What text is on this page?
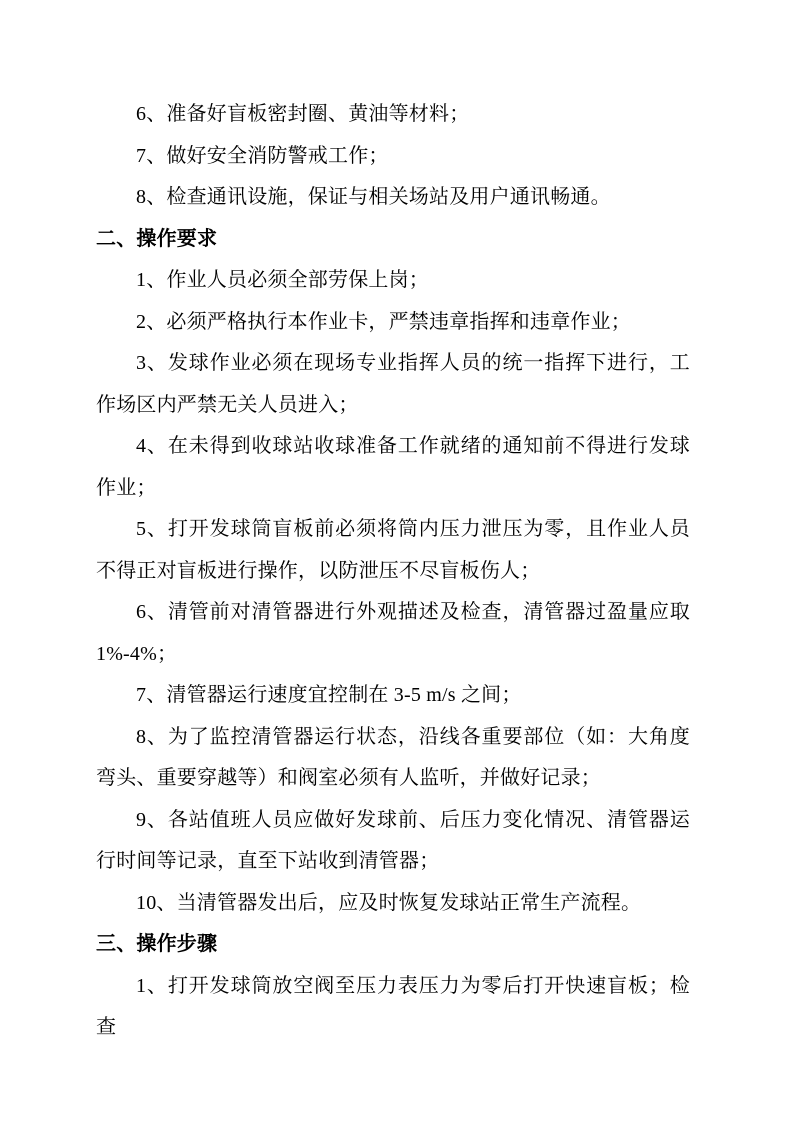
6、准备好盲板密封圈、黄油等材料；

7、做好安全消防警戒工作；

8、检查通讯设施，保证与相关场站及用户通讯畅通。

二、操作要求

1、作业人员必须全部劳保上岗；

2、必须严格执行本作业卡，严禁违章指挥和违章作业；

3、发球作业必须在现场专业指挥人员的统一指挥下进行，工作场区内严禁无关人员进入；

4、在未得到收球站收球准备工作就绪的通知前不得进行发球作业；

5、打开发球筒盲板前必须将筒内压力泄压为零，且作业人员不得正对盲板进行操作，以防泄压不尽盲板伤人；

6、清管前对清管器进行外观描述及检查，清管器过盈量应取 1%-4%；

7、清管器运行速度宜控制在 3-5 m/s 之间；

8、为了监控清管器运行状态，沿线各重要部位（如：大角度弯头、重要穿越等）和阀室必须有人监听，并做好记录；

9、各站值班人员应做好发球前、后压力变化情况、清管器运行时间等记录，直至下站收到清管器；

10、当清管器发出后，应及时恢复发球站正常生产流程。

三、操作步骤

1、打开发球筒放空阀至压力表压力为零后打开快速盲板；检查
